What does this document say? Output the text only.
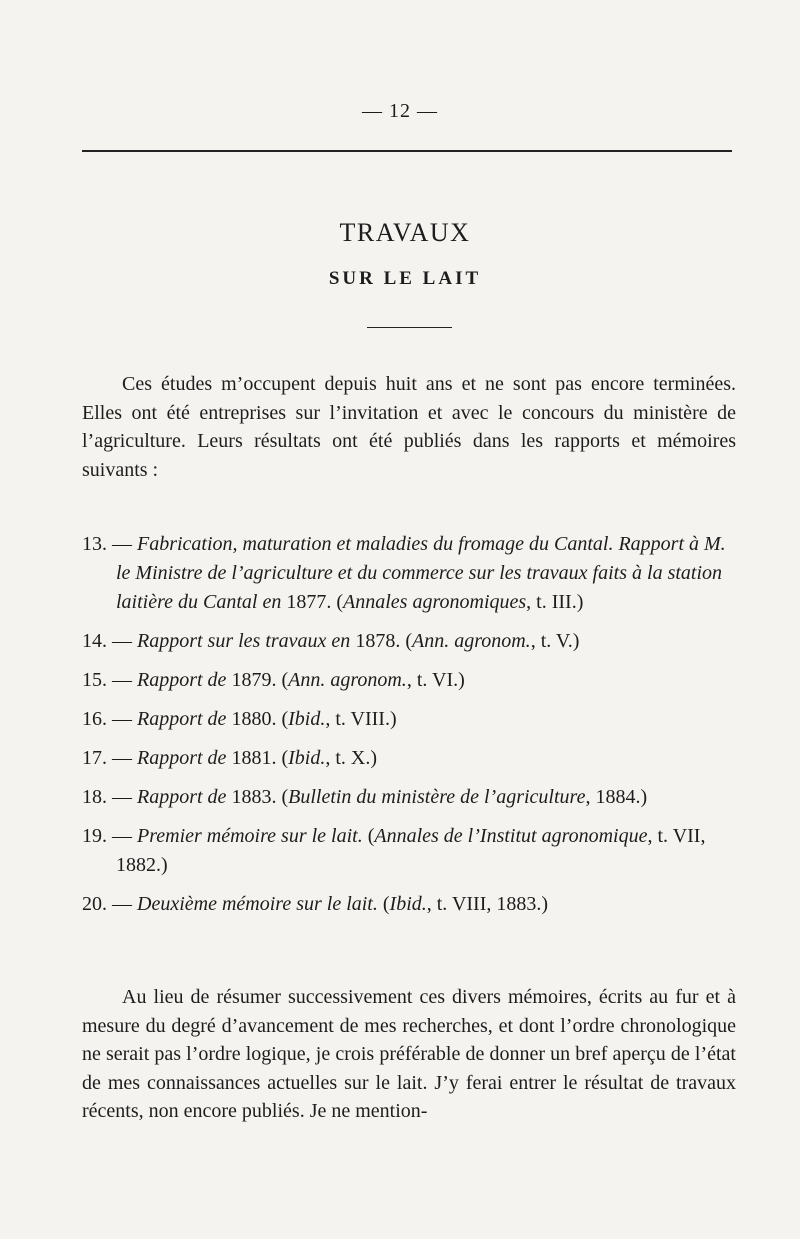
— 12 —
TRAVAUX
SUR LE LAIT

Ces études m’occupent depuis huit ans et ne sont pas encore terminées. Elles ont été entreprises sur l’invitation et avec le concours du ministère de l’agriculture. Leurs résultats ont été publiés dans les rapports et mémoires suivants :

13. — Fabrication, maturation et maladies du fromage du Cantal. Rapport à M. le Ministre de l’agriculture et du commerce sur les travaux faits à la station laitière du Cantal en 1877. (Annales agronomiques, t. III.)
14. — Rapport sur les travaux en 1878. (Ann. agronom., t. V.)
15. — Rapport de 1879. (Ann. agronom., t. VI.)
16. — Rapport de 1880. (Ibid., t. VIII.)
17. — Rapport de 1881. (Ibid., t. X.)
18. — Rapport de 1883. (Bulletin du ministère de l’agriculture, 1884.)
19. — Premier mémoire sur le lait. (Annales de l’Institut agronomique, t. VII, 1882.)
20. — Deuxième mémoire sur le lait. (Ibid., t. VIII, 1883.)

Au lieu de résumer successivement ces divers mémoires, écrits au fur et à mesure du degré d’avancement de mes recherches, et dont l’ordre chronologique ne serait pas l’ordre logique, je crois préférable de donner un bref aperçu de l’état de mes connaissances actuelles sur le lait. J’y ferai entrer le résultat de travaux récents, non encore publiés. Je ne mention-
